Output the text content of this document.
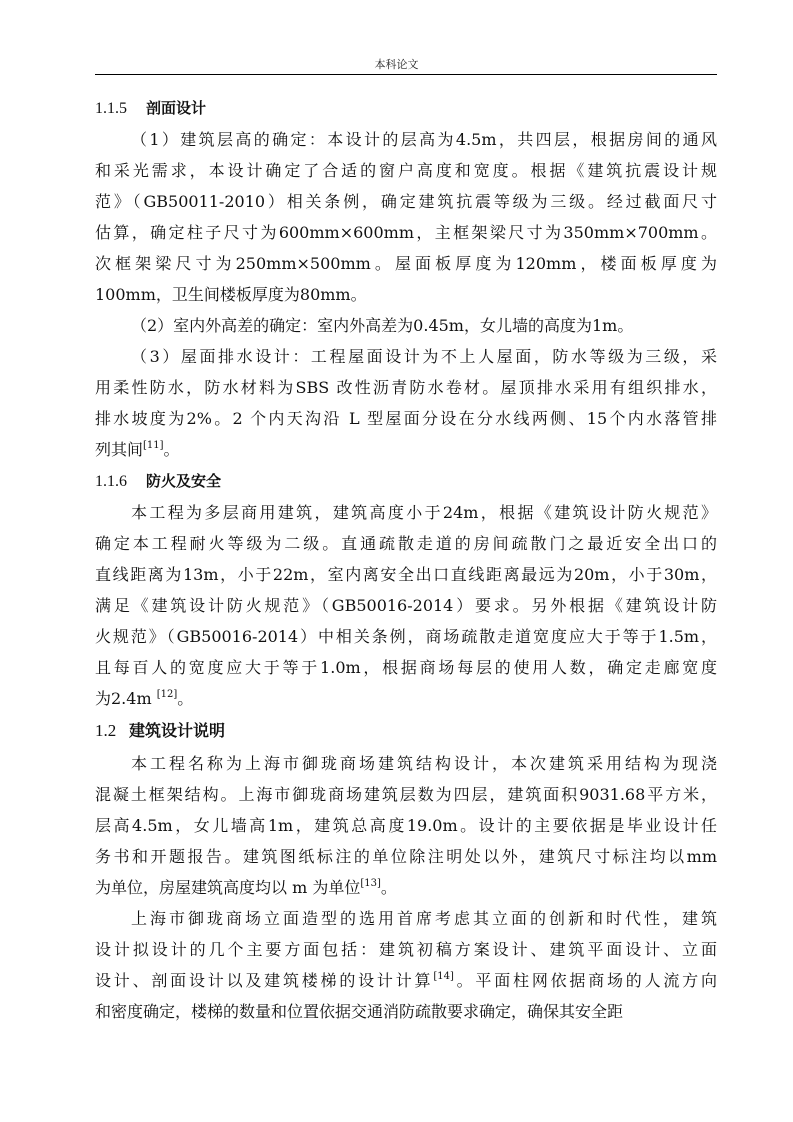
本科论文
1.1.5 剖面设计
（1）建筑层高的确定：本设计的层高为4.5m，共四层，根据房间的通风
和采光需求，本设计确定了合适的窗户高度和宽度。根据《建筑抗震设计规
范》（GB50011-2010）相关条例，确定建筑抗震等级为三级。经过截面尺寸
估算，确定柱子尺寸为600mm×600mm，主框架梁尺寸为350mm×700mm。
次框架梁尺寸为250mm×500mm。屋面板厚度为120mm，楼面板厚度为
100mm，卫生间楼板厚度为80mm。
（2）室内外高差的确定：室内外高差为0.45m，女儿墙的高度为1m。
（3）屋面排水设计：工程屋面设计为不上人屋面，防水等级为三级，采
用柔性防水，防水材料为SBS 改性沥青防水卷材。屋顶排水采用有组织排水，
排水坡度为2%。2 个内天沟沿 L 型屋面分设在分水线两侧、15个内水落管排
列其间[11]。
1.1.6 防火及安全
本工程为多层商用建筑，建筑高度小于24m，根据《建筑设计防火规范》
确定本工程耐火等级为二级。直通疏散走道的房间疏散门之最近安全出口的
直线距离为13m，小于22m，室内离安全出口直线距离最远为20m，小于30m，
满足《建筑设计防火规范》（GB50016-2014）要求。另外根据《建筑设计防
火规范》（GB50016-2014）中相关条例，商场疏散走道宽度应大于等于1.5m，
且每百人的宽度应大于等于1.0m，根据商场每层的使用人数，确定走廊宽度
为2.4m [12]。
1.2 建筑设计说明
本工程名称为上海市御珑商场建筑结构设计，本次建筑采用结构为现浇
混凝土框架结构。上海市御珑商场建筑层数为四层，建筑面积9031.68平方米，
层高4.5m，女儿墙高1m，建筑总高度19.0m。设计的主要依据是毕业设计任
务书和开题报告。建筑图纸标注的单位除注明处以外，建筑尺寸标注均以mm
为单位，房屋建筑高度均以 m 为单位[13]。
上海市御珑商场立面造型的选用首席考虑其立面的创新和时代性，建筑
设计拟设计的几个主要方面包括：建筑初稿方案设计、建筑平面设计、立面
设计、剖面设计以及建筑楼梯的设计计算[14]。平面柱网依据商场的人流方向
和密度确定，楼梯的数量和位置依据交通消防疏散要求确定，确保其安全距
